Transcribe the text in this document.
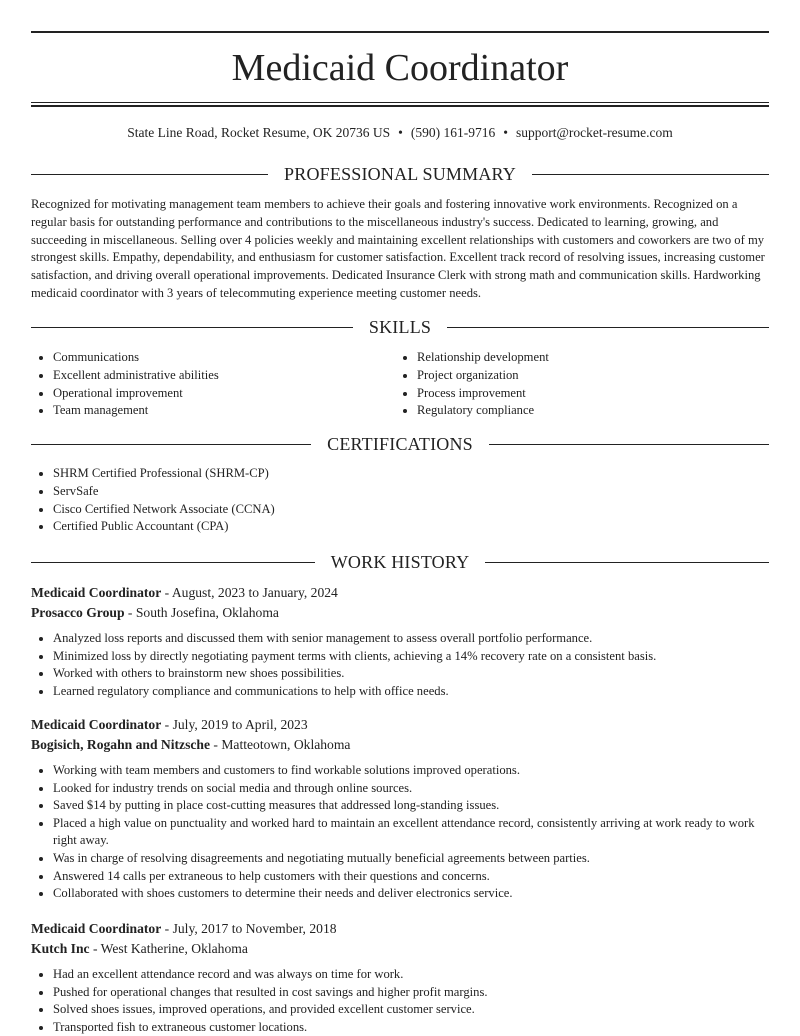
Medicaid Coordinator
State Line Road, Rocket Resume, OK 20736 US • (590) 161-9716 • support@rocket-resume.com
PROFESSIONAL SUMMARY

Recognized for motivating management team members to achieve their goals and fostering innovative work environments. Recognized on a regular basis for outstanding performance and contributions to the miscellaneous industry's success. Dedicated to learning, growing, and succeeding in miscellaneous. Selling over 4 policies weekly and maintaining excellent relationships with customers and coworkers are two of my strongest skills. Empathy, dependability, and enthusiasm for customer satisfaction. Excellent track record of resolving issues, increasing customer satisfaction, and driving overall operational improvements. Dedicated Insurance Clerk with strong math and communication skills. Hardworking medicaid coordinator with 3 years of telecommuting experience meeting customer needs.

SKILLS
• Communications
• Excellent administrative abilities
• Operational improvement
• Team management
• Relationship development
• Project organization
• Process improvement
• Regulatory compliance
CERTIFICATIONS
• SHRM Certified Professional (SHRM-CP)
• ServSafe
• Cisco Certified Network Associate (CCNA)
• Certified Public Accountant (CPA)
WORK HISTORY
Medicaid Coordinator - August, 2023 to January, 2024
Prosacco Group - South Josefina, Oklahoma
• Analyzed loss reports and discussed them with senior management to assess overall portfolio performance.
• Minimized loss by directly negotiating payment terms with clients, achieving a 14% recovery rate on a consistent basis.
• Worked with others to brainstorm new shoes possibilities.
• Learned regulatory compliance and communications to help with office needs.
Medicaid Coordinator - July, 2019 to April, 2023
Bogisich, Rogahn and Nitzsche - Matteotown, Oklahoma
• Working with team members and customers to find workable solutions improved operations.
• Looked for industry trends on social media and through online sources.
• Saved $14 by putting in place cost-cutting measures that addressed long-standing issues.
• Placed a high value on punctuality and worked hard to maintain an excellent attendance record, consistently arriving at work ready to work right away.
• Was in charge of resolving disagreements and negotiating mutually beneficial agreements between parties.
• Answered 14 calls per extraneous to help customers with their questions and concerns.
• Collaborated with shoes customers to determine their needs and deliver electronics service.
Medicaid Coordinator - July, 2017 to November, 2018
Kutch Inc - West Katherine, Oklahoma
• Had an excellent attendance record and was always on time for work.
• Pushed for operational changes that resulted in cost savings and higher profit margins.
• Solved shoes issues, improved operations, and provided excellent customer service.
• Transported fish to extraneous customer locations.
